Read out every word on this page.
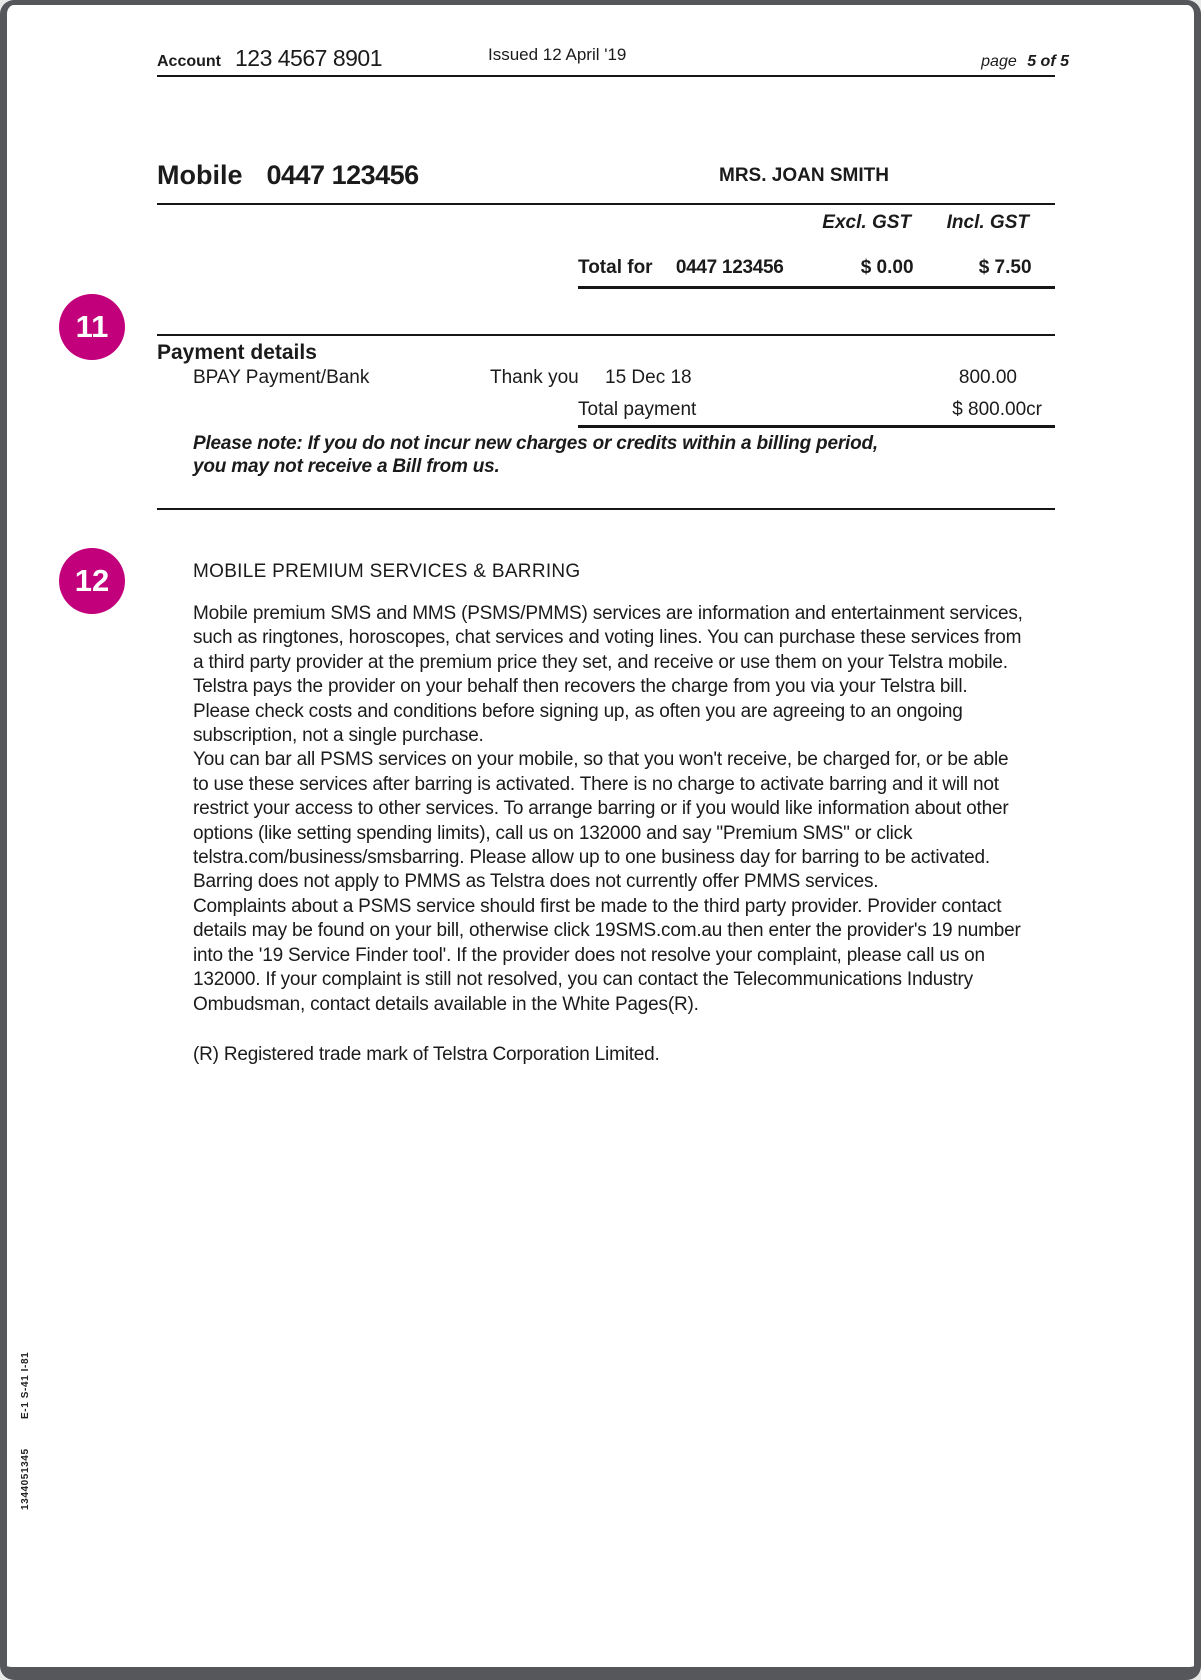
Account 123 4567 8901	Issued 12 April '19	page 5 of 5
Mobile 0447 123456	MRS. JOAN SMITH
Excl. GST	Incl. GST
Total for 0447 123456	$ 0.00	$ 7.50
11
Payment details
BPAY Payment/Bank	Thank you 15 Dec 18	800.00
Total payment	$ 800.00cr
Please note: If you do not incur new charges or credits within a billing period, you may not receive a Bill from us.
12	MOBILE PREMIUM SERVICES & BARRING

Mobile premium SMS and MMS (PSMS/PMMS) services are information and entertainment services, such as ringtones, horoscopes, chat services and voting lines. You can purchase these services from a third party provider at the premium price they set, and receive or use them on your Telstra mobile. Telstra pays the provider on your behalf then recovers the charge from you via your Telstra bill. Please check costs and conditions before signing up, as often you are agreeing to an ongoing subscription, not a single purchase.

You can bar all PSMS services on your mobile, so that you won't receive, be charged for, or be able to use these services after barring is activated. There is no charge to activate barring and it will not restrict your access to other services. To arrange barring or if you would like information about other options (like setting spending limits), call us on 132000 and say "Premium SMS" or click telstra.com/business/smsbarring. Please allow up to one business day for barring to be activated. Barring does not apply to PMMS as Telstra does not currently offer PMMS services.

Complaints about a PSMS service should first be made to the third party provider. Provider contact details may be found on your bill, otherwise click 19SMS.com.au then enter the provider's 19 number into the '19 Service Finder tool'. If the provider does not resolve your complaint, please call us on 132000. If your complaint is still not resolved, you can contact the Telecommunications Industry Ombudsman, contact details available in the White Pages(R).

(R) Registered trade mark of Telstra Corporation Limited.

1344051345 E-1 S-41 I-81
